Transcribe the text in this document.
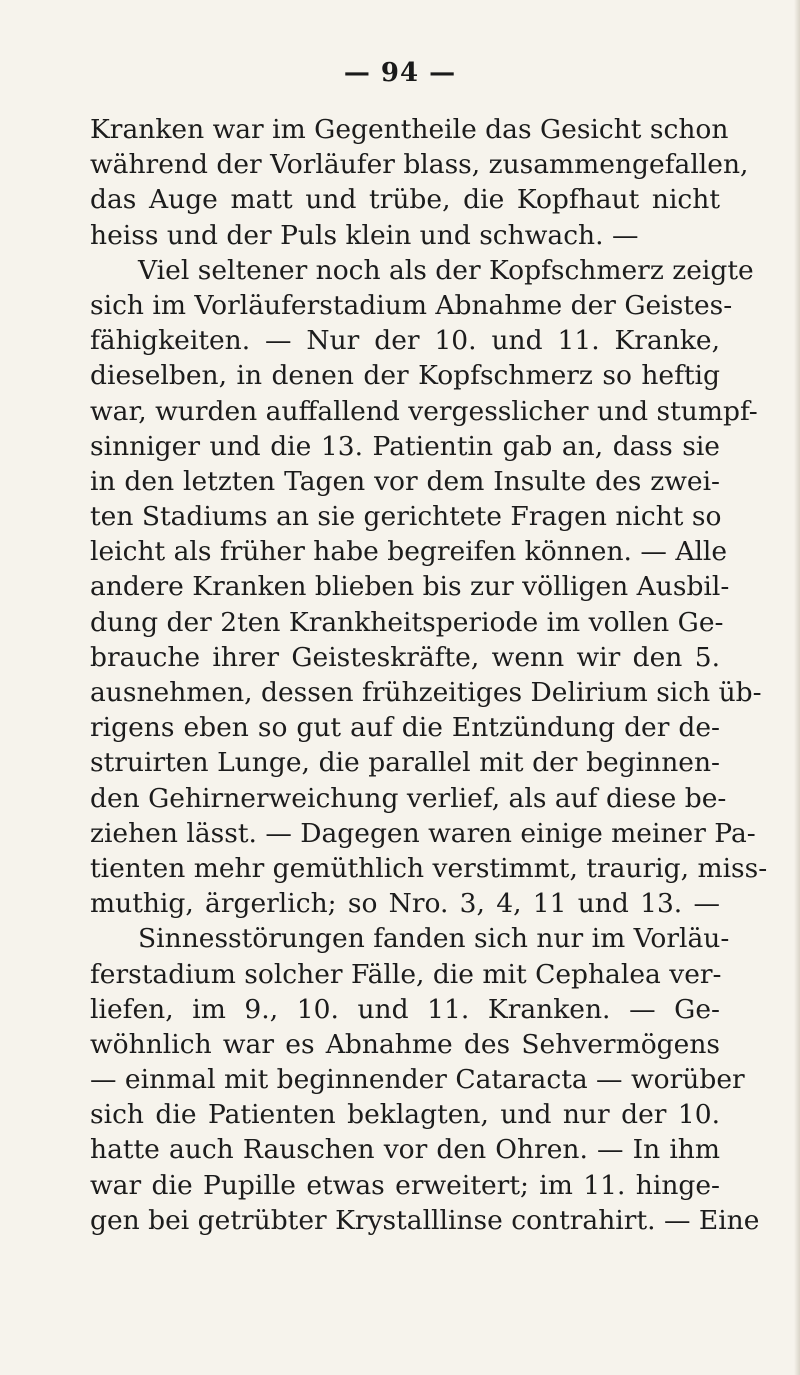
— 94 —
Kranken war im Gegentheile das Gesicht schon
während der Vorläufer blass, zusammengefallen,
das Auge matt und trübe, die Kopfhaut nicht
heiss und der Puls klein und schwach. —
Viel seltener noch als der Kopfschmerz zeigte
sich im Vorläuferstadium Abnahme der Geistes-
fähigkeiten. — Nur der 10. und 11. Kranke,
dieselben, in denen der Kopfschmerz so heftig
war, wurden auffallend vergesslicher und stumpf-
sinniger und die 13. Patientin gab an, dass sie
in den letzten Tagen vor dem Insulte des zwei-
ten Stadiums an sie gerichtete Fragen nicht so
leicht als früher habe begreifen können. — Alle
andere Kranken blieben bis zur völligen Ausbil-
dung der 2ten Krankheitsperiode im vollen Ge-
brauche ihrer Geisteskräfte, wenn wir den 5.
ausnehmen, dessen frühzeitiges Delirium sich üb-
rigens eben so gut auf die Entzündung der de-
struirten Lunge, die parallel mit der beginnen-
den Gehirnerweichung verlief, als auf diese be-
ziehen lässt. — Dagegen waren einige meiner Pa-
tienten mehr gemüthlich verstimmt, traurig, miss-
muthig, ärgerlich; so Nro. 3, 4, 11 und 13. —
Sinnesstörungen fanden sich nur im Vorläu-
ferstadium solcher Fälle, die mit Cephalea ver-
liefen, im 9., 10. und 11. Kranken. — Ge-
wöhnlich war es Abnahme des Sehvermögens
— einmal mit beginnender Cataracta — worüber
sich die Patienten beklagten, und nur der 10.
hatte auch Rauschen vor den Ohren. — In ihm
war die Pupille etwas erweitert; im 11. hinge-
gen bei getrübter Krystalllinse contrahirt. — Eine
